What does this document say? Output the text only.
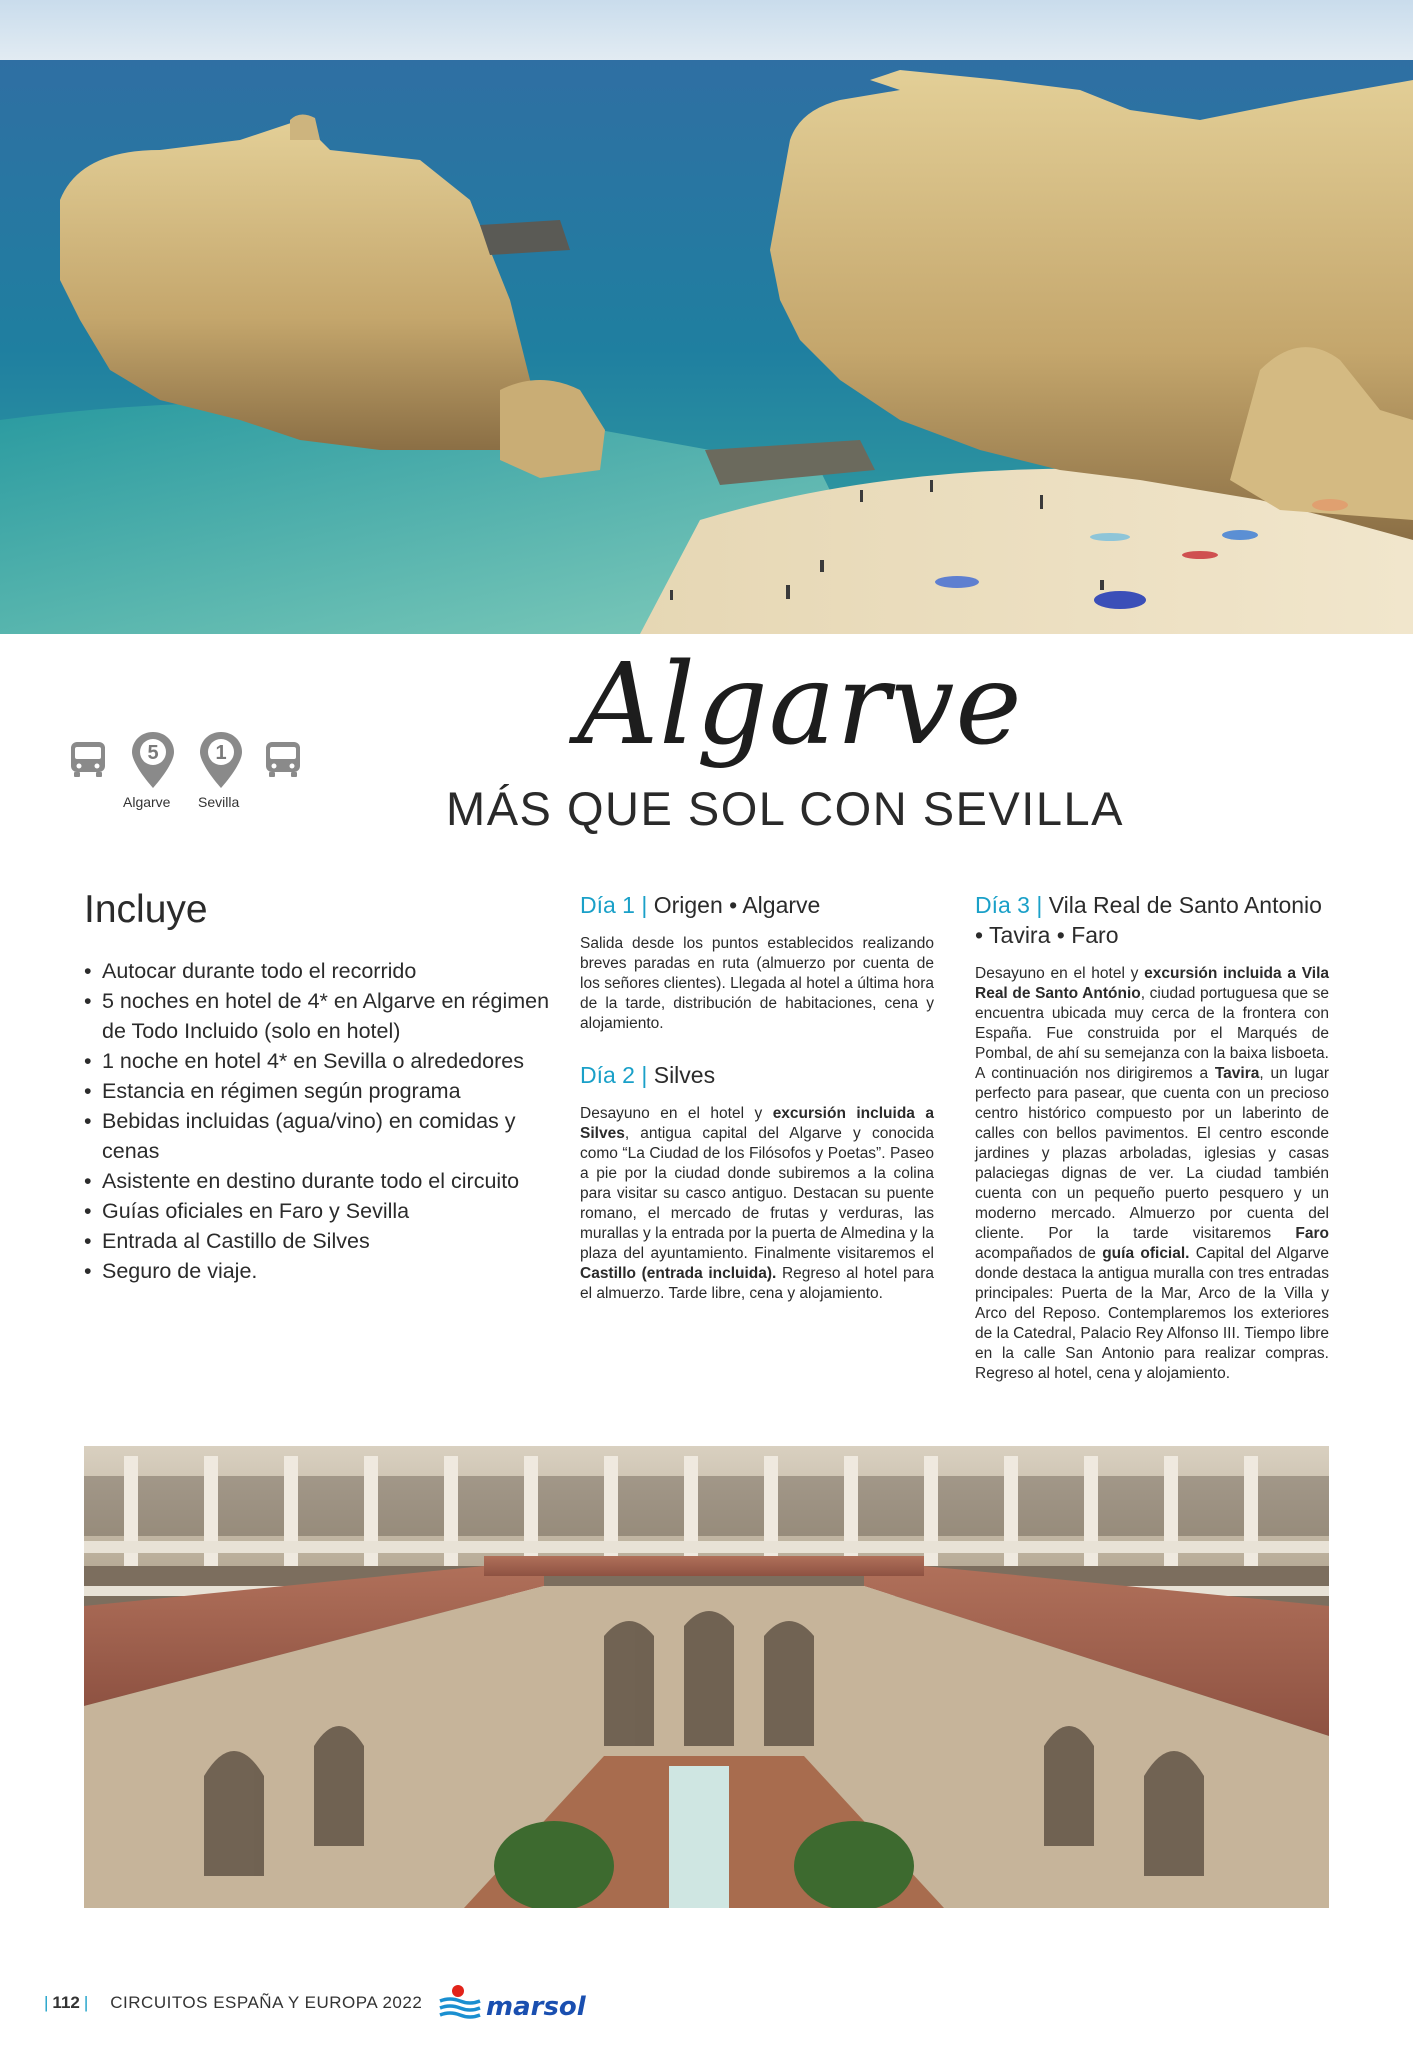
5	1
Algarve Sevilla
Algarve
MÁS QUE SOL CON SEVILLA
Incluye
• Autocar durante todo el recorrido
• 5 noches en hotel de 4* en Algarve en régimen de Todo Incluido (solo en hotel)
• 1 noche en hotel 4* en Sevilla o alrededores
• Estancia en régimen según programa
• Bebidas incluidas (agua/vino) en comidas y cenas
• Asistente en destino durante todo el circuito
• Guías oficiales en Faro y Sevilla
• Entrada al Castillo de Silves
• Seguro de viaje.
Día 1 | Origen • Algarve

Salida desde los puntos establecidos realizando breves paradas en ruta (almuerzo por cuenta de los señores clientes). Llegada al hotel a última hora de la tarde, distribución de habitaciones, cena y alojamiento.

Día 2 | Silves

Desayuno en el hotel y excursión incluida a Silves, antigua capital del Algarve y conocida como “La Ciudad de los Filósofos y Poetas”. Paseo a pie por la ciudad donde subiremos a la colina para visitar su casco antiguo. Destacan su puente romano, el mercado de frutas y verduras, las murallas y la entrada por la puerta de Almedina y la plaza del ayuntamiento. Finalmente visitaremos el Castillo (entrada incluida). Regreso al hotel para el almuerzo. Tarde libre, cena y alojamiento.

Día 3 | Vila Real de Santo Antonio • Tavira • Faro

Desayuno en el hotel y excursión incluida a Vila Real de Santo António, ciudad portuguesa que se encuentra ubicada muy cerca de la frontera con España. Fue construida por el Marqués de Pombal, de ahí su semejanza con la baixa lisboeta. A continuación nos dirigiremos a Tavira, un lugar perfecto para pasear, que cuenta con un precioso centro histórico compuesto por un laberinto de calles con bellos pavimentos. El centro esconde jardines y plazas arboladas, iglesias y casas palaciegas dignas de ver. La ciudad también cuenta con un pequeño puerto pesquero y un moderno mercado. Almuerzo por cuenta del cliente. Por la tarde visitaremos Faro acompañados de guía oficial. Capital del Algarve donde destaca la antigua muralla con tres entradas principales: Puerta de la Mar, Arco de la Villa y Arco del Reposo. Contemplaremos los exteriores de la Catedral, Palacio Rey Alfonso III. Tiempo libre en la calle San Antonio para realizar compras. Regreso al hotel, cena y alojamiento.

| 112 | CIRCUITOS ESPAÑA Y EUROPA 2022 marsol
